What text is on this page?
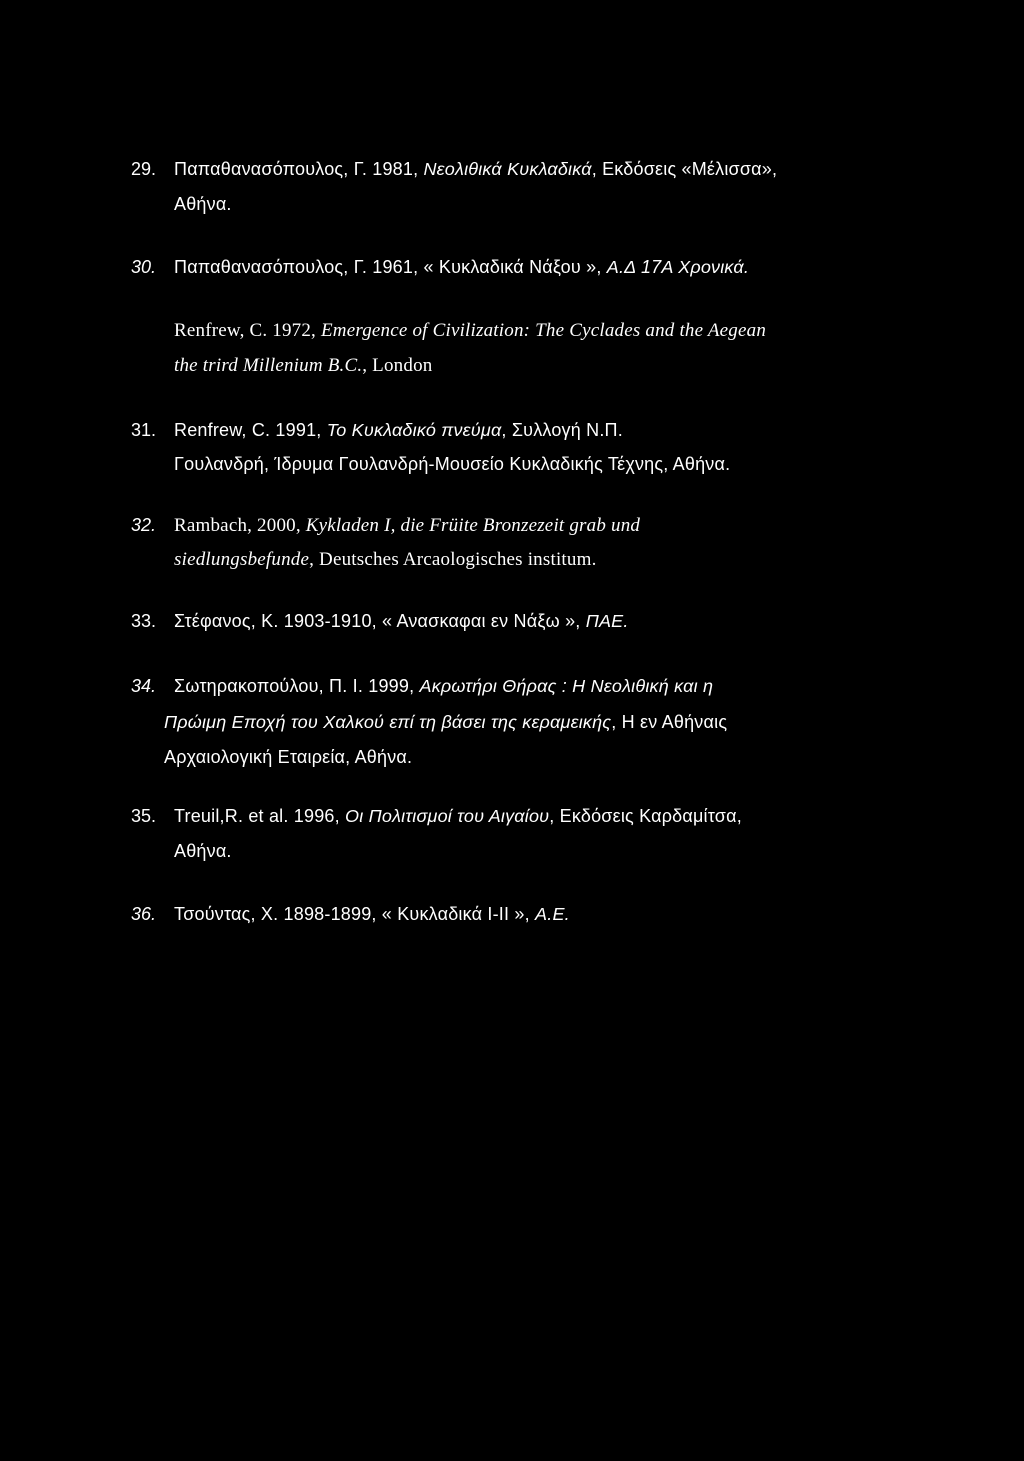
29. Παπαθανασόπουλος, Γ. 1981, Νεολιθικά Κυκλαδικά, Εκδόσεις «Μέλισσα»,
Αθήνα.
30. Παπαθανασόπουλος, Γ. 1961, « Κυκλαδικά Νάξου », Α.Δ 17Α Χρονικά.
Renfrew, C. 1972, Emergence of Civilization: The Cyclades and the Aegean
the trird Millenium B.C., London
31. Renfrew, C. 1991, Το Κυκλαδικό πνεύμα, Συλλογή Ν.Π.
Γουλανδρή, Ίδρυμα Γουλανδρή-Μουσείο Κυκλαδικής Τέχνης, Αθήνα.
32. Rambach, 2000, Kykladen I, die Früite Bronzezeit grab und
siedlungsbefunde, Deutsches Arcaologisches institum.
33. Στέφανος, Κ. 1903-1910, « Ανασκαφαι εν Νάξω », ΠΑΕ.
34. Σωτηρακοπούλου, Π. Ι. 1999, Ακρωτήρι Θήρας : Η Νεολιθική και η
Πρώιμη Εποχή του Χαλκού επί τη βάσει της κεραμεικής, Η εν Αθήναις
Αρχαιολογική Εταιρεία, Αθήνα.
35. Treuil,R. et al. 1996, Οι Πολιτισμοί του Αιγαίου, Εκδόσεις Καρδαμίτσα,
Αθήνα.
36. Τσούντας, Χ. 1898-1899, « Κυκλαδικά Ι-ΙΙ », Α.Ε.
